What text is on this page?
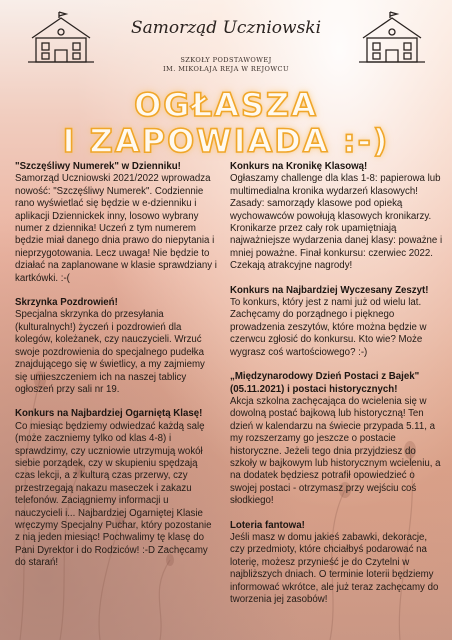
Samorząd Uczniowski
SZKOŁY PODSTAWOWEJ
IM. MIKOŁAJA REJA W REJOWCU
OGŁASZA
I ZAPOWIADA :-)
"Szczęśliwy Numerek" w Dzienniku!

Samorząd Uczniowski 2021/2022 wprowadza nowość: "Szczęśliwy Numerek". Codziennie rano wyświetlać się będzie w e-dzienniku i aplikacji Dziennickek inny, losowo wybrany numer z dziennika! Uczeń z tym numerem będzie miał danego dnia prawo do niepytania i nieprzygotowania. Lecz uwaga! Nie będzie to działać na zaplanowane w klasie sprawdziany i kartkówki. :-(

Skrzynka Pozdrowień!

Specjalna skrzynka do przesyłania (kulturalnych!) życzeń i pozdrowień dla kolegów, koleżanek, czy nauczycieli. Wrzuć swoje pozdrowienia do specjalnego pudełka znajdującego się w świetlicy, a my zajmiemy się umieszczeniem ich na naszej tablicy ogłoszeń przy sali nr 19.

Konkurs na Najbardziej Ogarniętą Klasę!

Co miesiąc będziemy odwiedzać każdą salę (może zaczniemy tylko od klas 4-8) i sprawdzimy, czy uczniowie utrzymują wokół siebie porządek, czy w skupieniu spędzają czas lekcji, a z kulturą czas przerwy, czy przestrzegają nakazu maseczek i zakazu telefonów. Zaciągniemy informacji u nauczycieli i... Najbardziej Ogarniętej Klasie wręczymy Specjalny Puchar, który pozostanie z nią jeden miesiąc! Pochwalimy tę klasę do Pani Dyrektor i do Rodziców! :-D Zachęcamy do starań!

Konkurs na Kronikę Klasową!

Ogłaszamy challenge dla klas 1-8: papierowa lub multimedialna kronika wydarzeń klasowych! Zasady: samorządy klasowe pod opieką wychowawców powołują klasowych kronikarzy. Kronikarze przez cały rok upamiętniają najważniejsze wydarzenia danej klasy: poważne i mniej poważne. Finał konkursu: czerwiec 2022. Czekają atrakcyjne nagrody!

Konkurs na Najbardziej Wyczesany Zeszyt!

To konkurs, który jest z nami już od wielu lat. Zachęcamy do porządnego i pięknego prowadzenia zeszytów, które można będzie w czerwcu zgłosić do konkursu. Kto wie? Może wygrasz coś wartościowego? :-)

„Międzynarodowy Dzień Postaci z Bajek" (05.11.2021) i postaci historycznych!

Akcja szkolna zachęcająca do wcielenia się w dowolną postać bajkową lub historyczną! Ten dzień w kalendarzu na świecie przypada 5.11, a my rozszerzamy go jeszcze o postacie historyczne. Jeżeli tego dnia przyjdziesz do szkoły w bajkowym lub historycznym wcieleniu, a na dodatek będziesz potrafił opowiedzieć o swojej postaci - otrzymasz przy wejściu coś słodkiego!

Loteria fantowa!

Jeśli masz w domu jakieś zabawki, dekoracje, czy przedmioty, które chciałbyś podarować na loterię, możesz przynieść je do Czytelni w najbliższych dniach. O terminie loterii będziemy informować wkrótce, ale już teraz zachęcamy do tworzenia jej zasobów!
